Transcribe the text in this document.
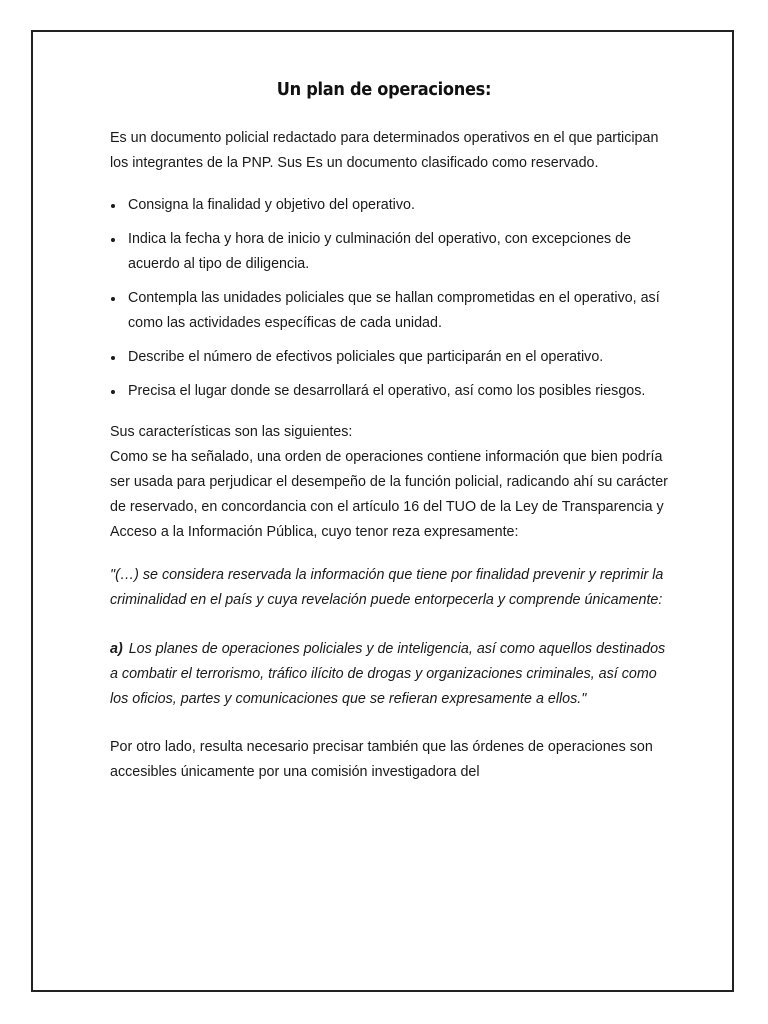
Un plan de operaciones:

Es un documento policial redactado para determinados operativos en el que participan los integrantes de la PNP. Sus Es un documento clasificado como reservado.

Consigna la finalidad y objetivo del operativo.
Indica la fecha y hora de inicio y culminación del operativo, con excepciones de acuerdo al tipo de diligencia.
Contempla las unidades policiales que se hallan comprometidas en el operativo, así como las actividades específicas de cada unidad.
Describe el número de efectivos policiales que participarán en el operativo.
Precisa el lugar donde se desarrollará el operativo, así como los posibles riesgos.

Sus características son las siguientes:

Como se ha señalado, una orden de operaciones contiene información que bien podría ser usada para perjudicar el desempeño de la función policial, radicando ahí su carácter de reservado, en concordancia con el artículo 16 del TUO de la Ley de Transparencia y Acceso a la Información Pública, cuyo tenor reza expresamente:

"(…) se considera reservada la información que tiene por finalidad prevenir y reprimir la criminalidad en el país y cuya revelación puede entorpecerla y comprende únicamente:

a) Los planes de operaciones policiales y de inteligencia, así como aquellos destinados a combatir el terrorismo, tráfico ilícito de drogas y organizaciones criminales, así como los oficios, partes y comunicaciones que se refieran expresamente a ellos."

Por otro lado, resulta necesario precisar también que las órdenes de operaciones son accesibles únicamente por una comisión investigadora del
